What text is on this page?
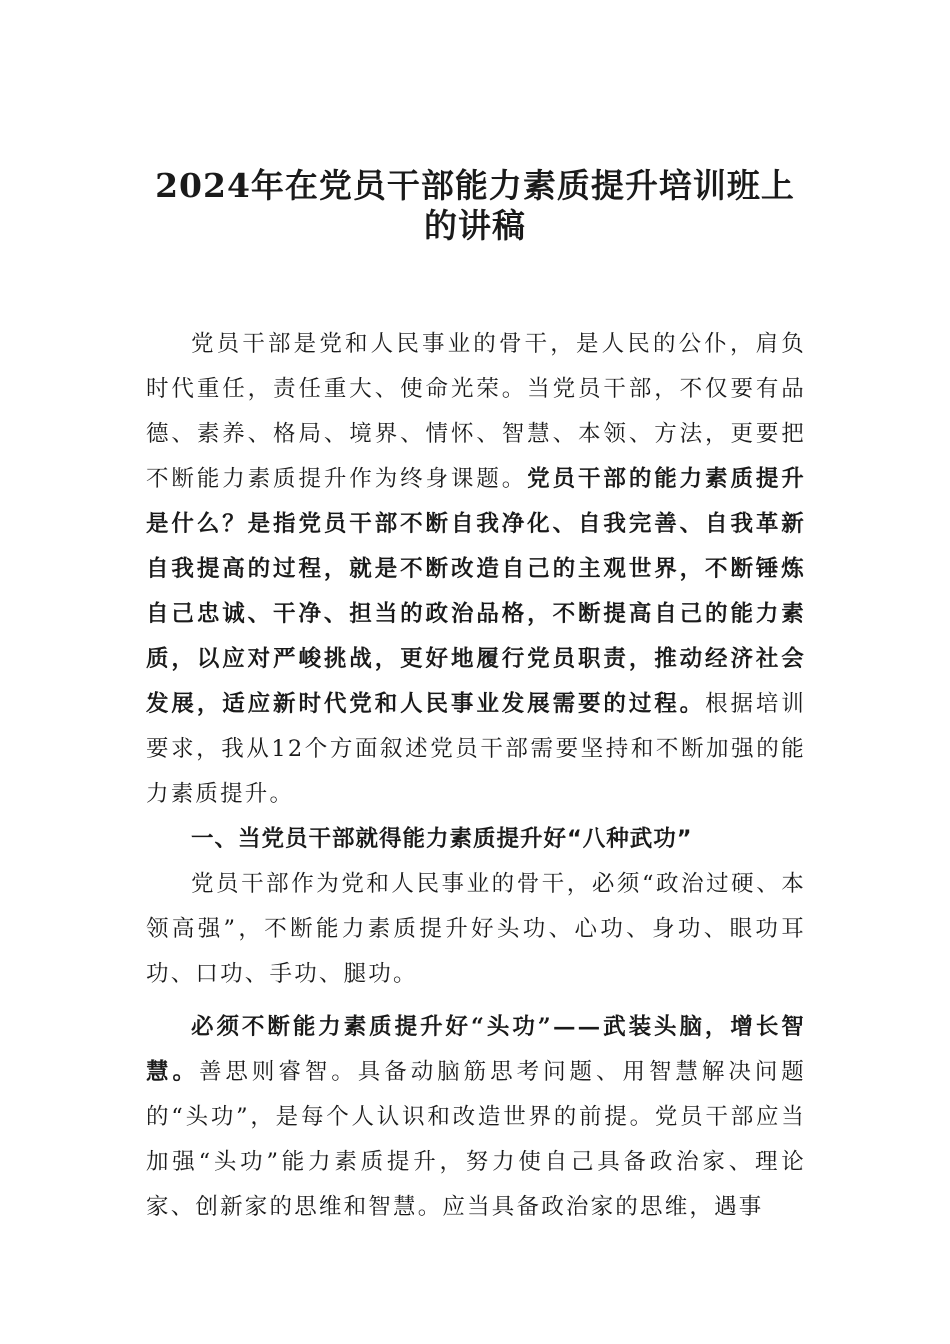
2024年在党员干部能力素质提升培训班上
的讲稿

党员干部是党和人民事业的骨干，是人民的公仆，肩负时代重任，责任重大、使命光荣。当党员干部，不仅要有品德、素养、格局、境界、情怀、智慧、本领、方法，更要把不断能力素质提升作为终身课题。党员干部的能力素质提升是什么？是指党员干部不断自我净化、自我完善、自我革新自我提高的过程，就是不断改造自己的主观世界，不断锤炼自己忠诚、干净、担当的政治品格，不断提高自己的能力素质，以应对严峻挑战，更好地履行党员职责，推动经济社会发展，适应新时代党和人民事业发展需要的过程。根据培训要求，我从12个方面叙述党员干部需要坚持和不断加强的能力素质提升。

一、当党员干部就得能力素质提升好“八种武功”

党员干部作为党和人民事业的骨干，必须“政治过硬、本领高强”，不断能力素质提升好头功、心功、身功、眼功耳功、口功、手功、腿功。

必须不断能力素质提升好“头功”——武装头脑，增长智慧。善思则睿智。具备动脑筋思考问题、用智慧解决问题的“头功”，是每个人认识和改造世界的前提。党员干部应当加强“头功”能力素质提升，努力使自己具备政治家、理论家、创新家的思维和智慧。应当具备政治家的思维，遇事
